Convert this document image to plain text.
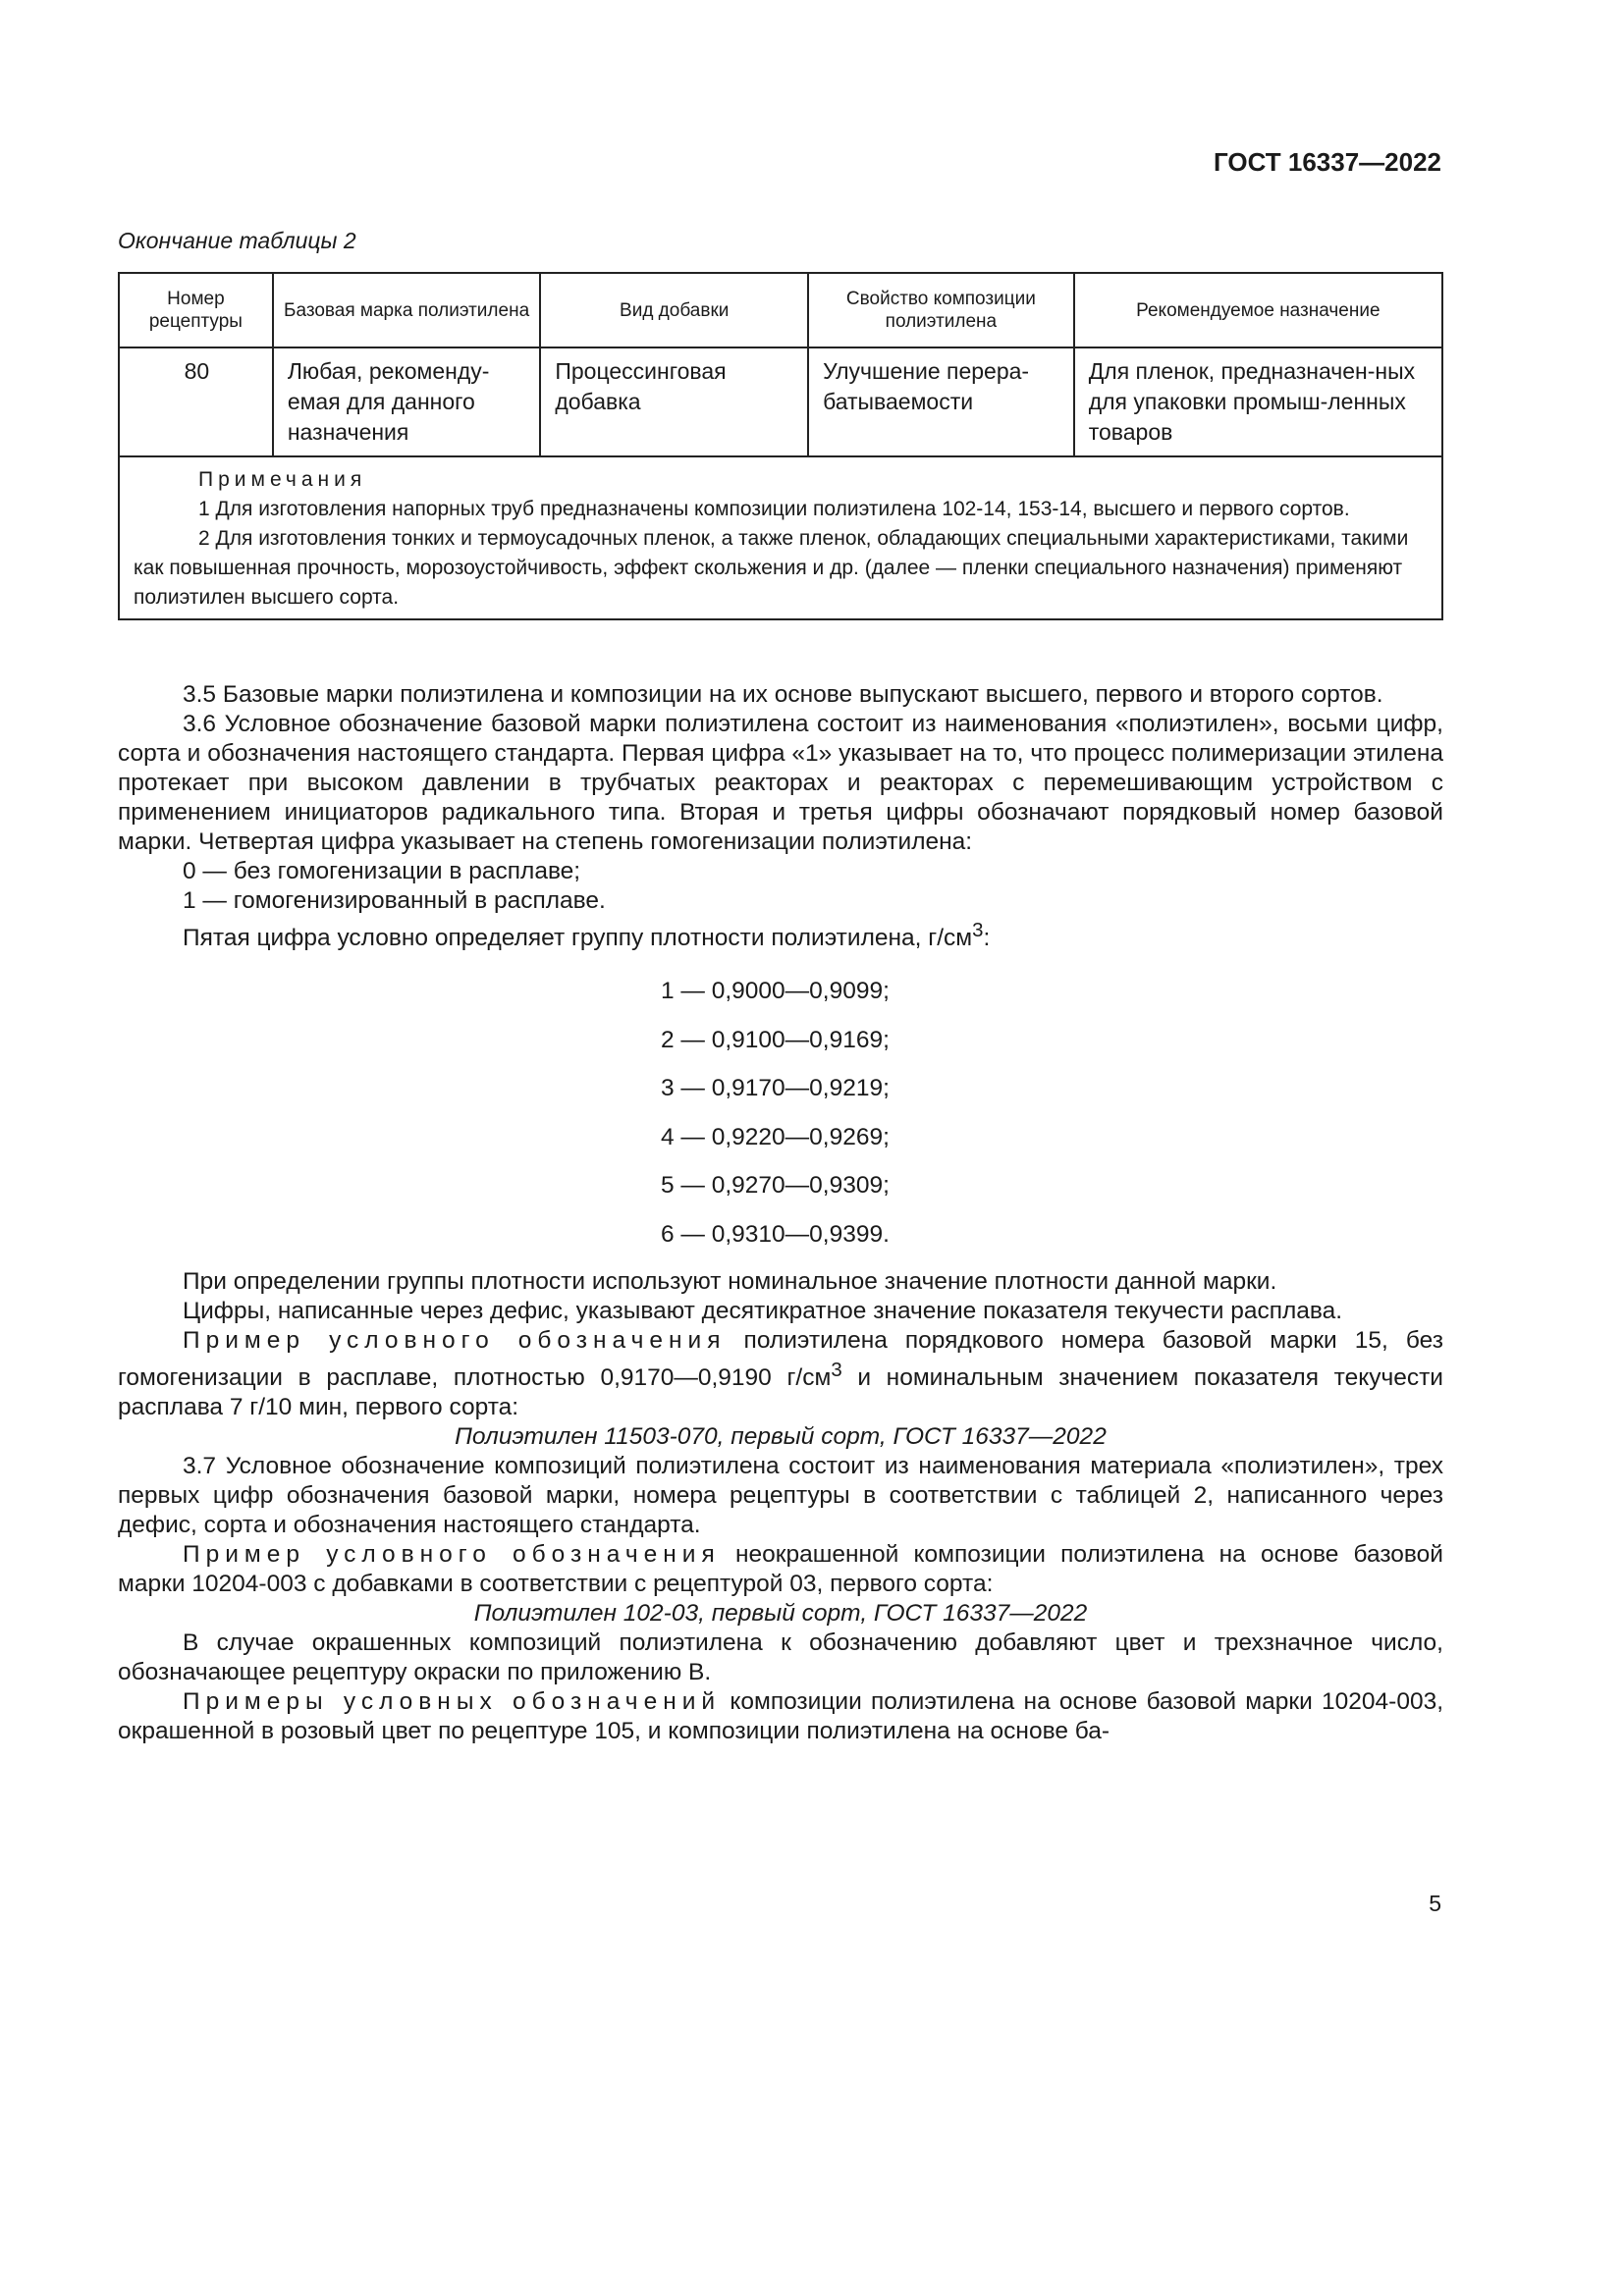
ГОСТ 16337—2022
Окончание таблицы 2
Номер рецептуры	Базовая марка полиэтилена	Вид добавки	Свойство композиции полиэтилена	Рекомендуемое назначение
80	Любая, рекоменду-емая для данного назначения	Процессинговая добавка	Улучшение перера-батываемости	Для пленок, предназначен-ных для упаковки промыш-ленных товаров

Примечания
1 Для изготовления напорных труб предназначены композиции полиэтилена 102-14, 153-14, высшего и первого сортов.
2 Для изготовления тонких и термоусадочных пленок, а также пленок, обладающих специальными характеристиками, такими как повышенная прочность, морозоустойчивость, эффект скольжения и др. (далее — пленки специального назначения) применяют полиэтилен высшего сорта.				

3.5 Базовые марки полиэтилена и композиции на их основе выпускают высшего, первого и второго сортов.

3.6 Условное обозначение базовой марки полиэтилена состоит из наименования «полиэтилен», восьми цифр, сорта и обозначения настоящего стандарта. Первая цифра «1» указывает на то, что процесс полимеризации этилена протекает при высоком давлении в трубчатых реакторах и реакторах с перемешивающим устройством с применением инициаторов радикального типа. Вторая и третья цифры обозначают порядковый номер базовой марки. Четвертая цифра указывает на степень гомогенизации полиэтилена:

0 — без гомогенизации в расплаве;

1 — гомогенизированный в расплаве.

Пятая цифра условно определяет группу плотности полиэтилена, $г/см^3$:

1 — 0,9000—0,9099;
2 — 0,9100—0,9169;
3 — 0,9170—0,9219;
4 — 0,9220—0,9269;
5 — 0,9270—0,9309;
6 — 0,9310—0,9399.

При определении группы плотности используют номинальное значение плотности данной марки.

Цифры, написанные через дефис, указывают десятикратное значение показателя текучести расплава.

Пример условного обозначения полиэтилена порядкового номера базовой марки 15, без гомогенизации в расплаве, плотностью 0,9170—0,9190 $г/см^3$ и номинальным значением показателя текучести расплава 7 г/10 мин, первого сорта:

Полиэтилен 11503-070, первый сорт, ГОСТ 16337—2022

3.7 Условное обозначение композиций полиэтилена состоит из наименования материала «полиэтилен», трех первых цифр обозначения базовой марки, номера рецептуры в соответствии с таблицей 2, написанного через дефис, сорта и обозначения настоящего стандарта.

Пример условного обозначения неокрашенной композиции полиэтилена на основе базовой марки 10204-003 с добавками в соответствии с рецептурой 03, первого сорта:

Полиэтилен 102-03, первый сорт, ГОСТ 16337—2022

В случае окрашенных композиций полиэтилена к обозначению добавляют цвет и трехзначное число, обозначающее рецептуру окраски по приложению В.

Примеры условных обозначений композиции полиэтилена на основе базовой марки 10204-003, окрашенной в розовый цвет по рецептуре 105, и композиции полиэтилена на основе ба-

5
